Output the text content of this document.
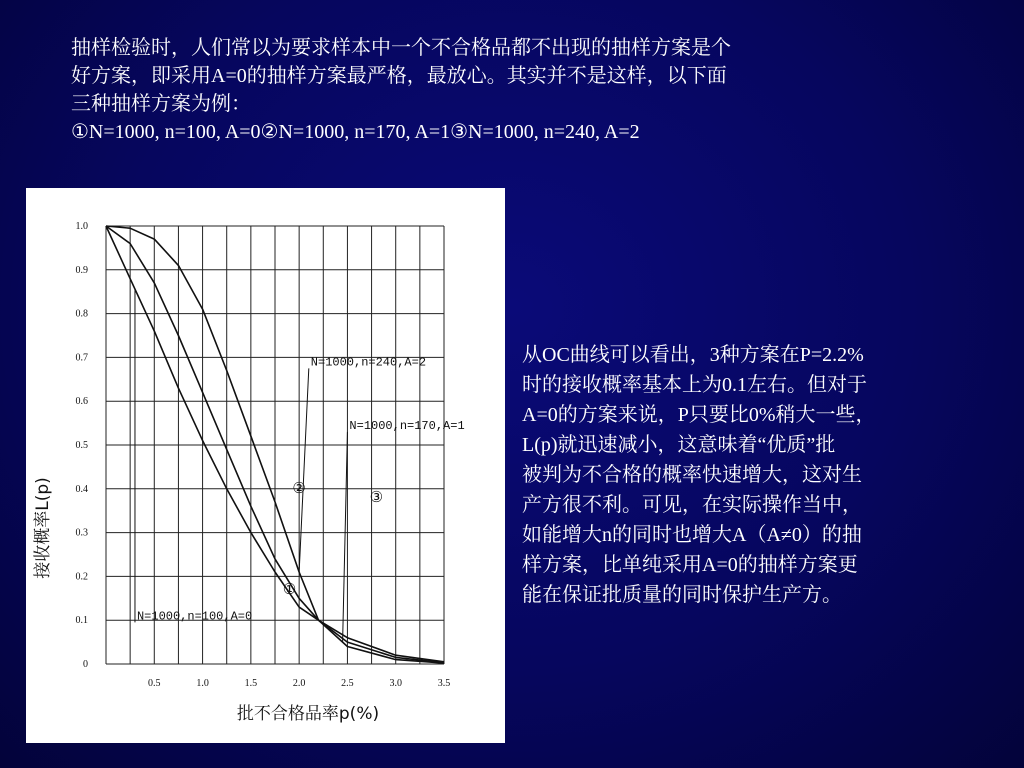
抽样检验时，人们常以为要求样本中一个不合格品都不出现的抽样方案是个
好方案，即采用A=0的抽样方案最严格，最放心。其实并不是这样，以下面
三种抽样方案为例：
①N=1000, n=100, A=0②N=1000, n=170, A=1③N=1000, n=240, A=2
1.0
0.9
0.8
0.7
0.6
0.5
0.4
0.3
0.2
0.1
0
0.5	1.0	1.5	2.0	2.5	3.0	3.5
N=1000,n=240,A=2
N=1000,n=170,A=1
N=1000,n=100,A=0
①
②	③
接收概率L(p)
批不合格品率p(%)
从OC曲线可以看出，3种方案在P=2.2%
时的接收概率基本上为0.1左右。但对于
A=0的方案来说，P只要比0%稍大一些，
L(p)就迅速减小，这意味着“优质”批
被判为不合格的概率快速增大，这对生
产方很不利。可见，在实际操作当中，
如能增大n的同时也增大A（A≠0）的抽
样方案，比单纯采用A=0的抽样方案更
能在保证批质量的同时保护生产方。
